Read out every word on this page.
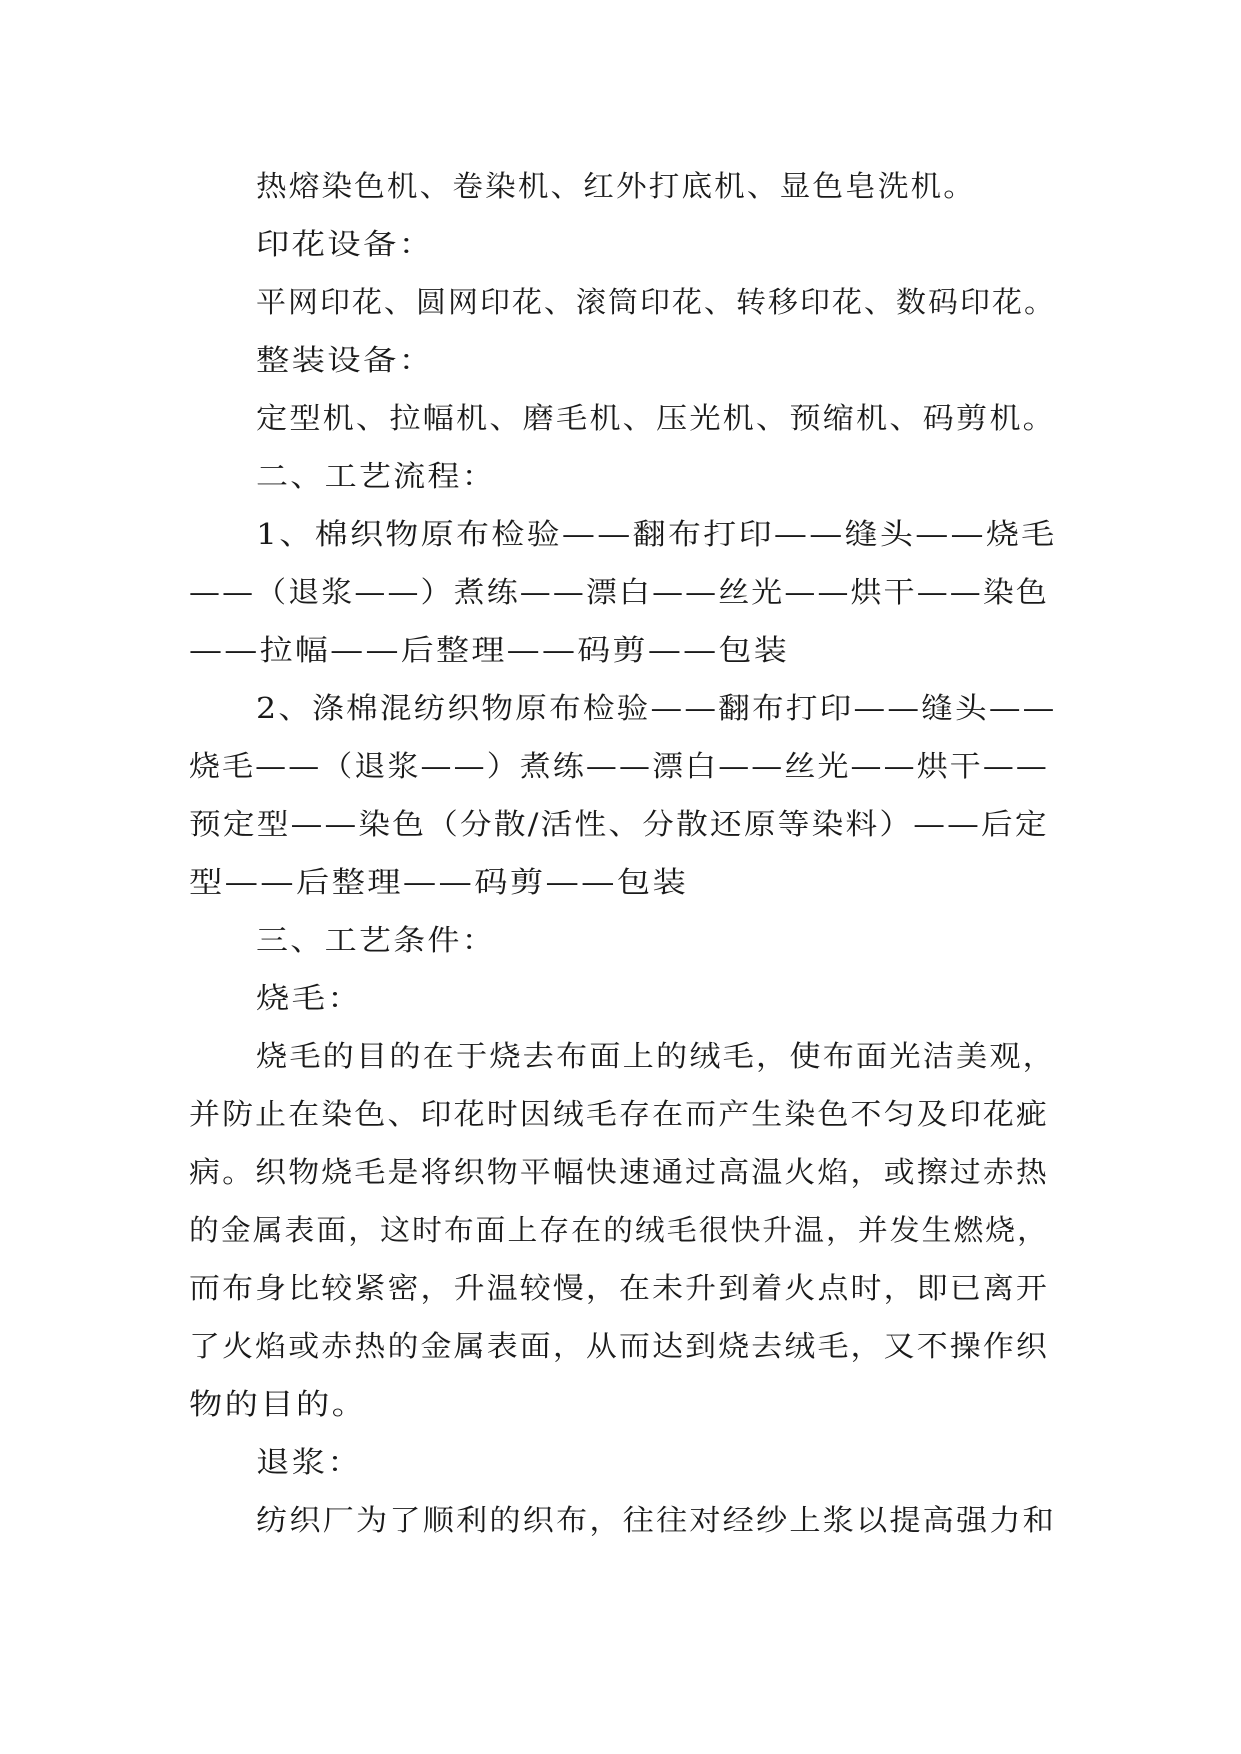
热熔染色机、卷染机、红外打底机、显色皂洗机。
印花设备：
平网印花、圆网印花、滚筒印花、转移印花、数码印花。
整装设备：
定型机、拉幅机、磨毛机、压光机、预缩机、码剪机。
二、工艺流程：
1、棉织物原布检验——翻布打印——缝头——烧毛
——（退浆——）煮练——漂白——丝光——烘干——染色
——拉幅——后整理——码剪——包装
2、涤棉混纺织物原布检验——翻布打印——缝头——
烧毛——（退浆——）煮练——漂白——丝光——烘干——
预定型——染色（分散/活性、分散还原等染料）——后定
型——后整理——码剪——包装
三、工艺条件：
烧毛：
烧毛的目的在于烧去布面上的绒毛，使布面光洁美观，
并防止在染色、印花时因绒毛存在而产生染色不匀及印花疵
病。织物烧毛是将织物平幅快速通过高温火焰，或擦过赤热
的金属表面，这时布面上存在的绒毛很快升温，并发生燃烧，
而布身比较紧密，升温较慢，在未升到着火点时，即已离开
了火焰或赤热的金属表面，从而达到烧去绒毛，又不操作织
物的目的。
退浆：
纺织厂为了顺利的织布，往往对经纱上浆以提高强力和
